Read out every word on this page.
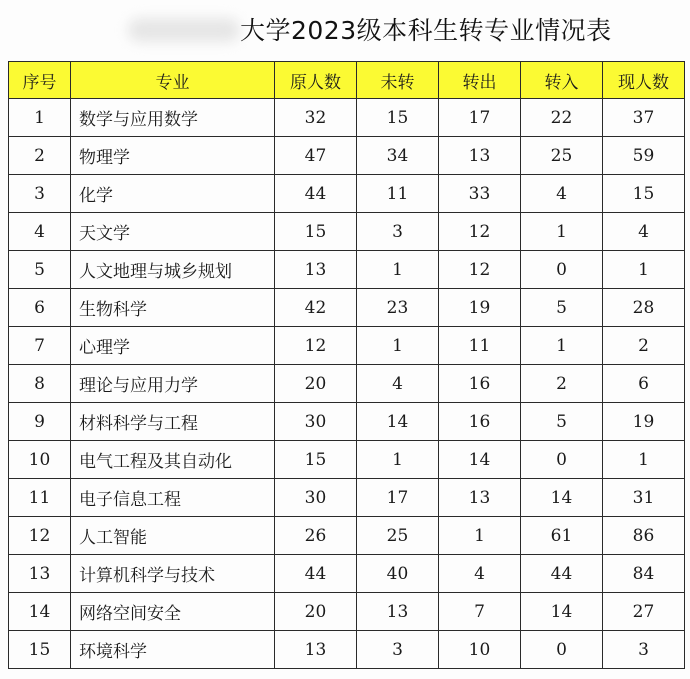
大学2023级本科生转专业情况表
序号	专业	原人数	未转	转出	转入	现人数
1	数学与应用数学	32	15	17	22	37
2	物理学	47	34	13	25	59
3	化学	44	11	33	4	15
4	天文学	15	3	12	1	4
5	人文地理与城乡规划	13	1	12	0	1
6	生物科学	42	23	19	5	28
7	心理学	12	1	11	1	2
8	理论与应用力学	20	4	16	2	6
9	材料科学与工程	30	14	16	5	19
10	电气工程及其自动化	15	1	14	0	1
11	电子信息工程	30	17	13	14	31
12	人工智能	26	25	1	61	86
13	计算机科学与技术	44	40	4	44	84
14	网络空间安全	20	13	7	14	27
15	环境科学	13	3	10	0	3
